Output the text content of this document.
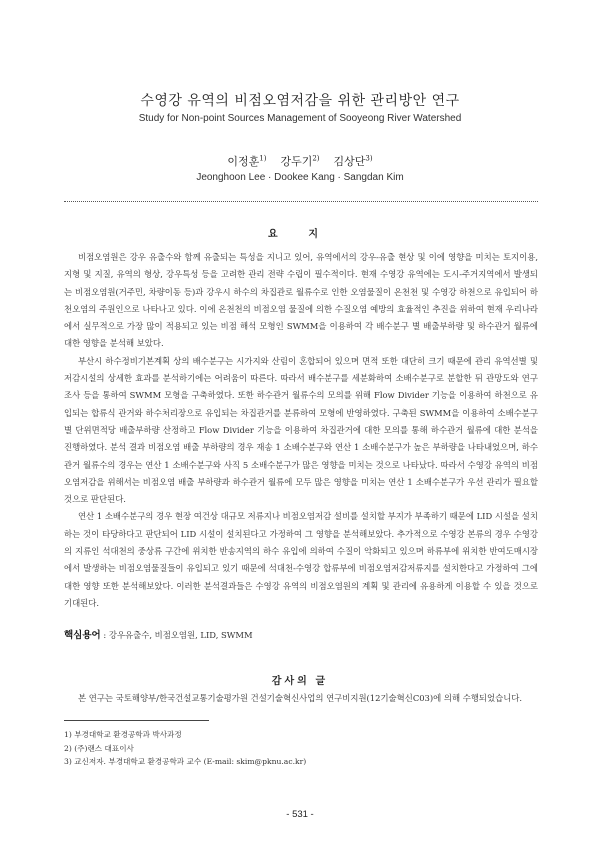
수영강 유역의 비점오염저감을 위한 관리방안 연구
Study for Non-point Sources Management of Sooyeong River Watershed
이정훈$^{1)}$ 강두기$^{2)}$ 김상단$^{3)}$
Jeonghoon Lee · Dookee Kang · Sangdan Kim
요 지

비점오염원은 강우 유출수와 함께 유출되는 특성을 지니고 있어, 유역에서의 강우-유출 현상 및 이에 영향을 미치는 토지이용, 지형 및 지질, 유역의 형상, 강우특성 등을 고려한 관리 전략 수립이 필수적이다. 현재 수영강 유역에는 도시-주거지역에서 발생되는 비점오염원(거주민, 차량이동 등)과 강우시 하수의 차집관로 월류수로 인한 오염물질이 온천천 및 수영강 하천으로 유입되어 하천오염의 주원인으로 나타나고 있다. 이에 온천천의 비점오염 물질에 의한 수질오염 예방의 효율적인 추진을 위하여 현재 우리나라에서 실무적으로 가장 많이 적용되고 있는 비점 해석 모형인 SWMM을 이용하여 각 배수분구 별 배출부하량 및 하수관거 월류에 대한 영향을 분석해 보았다.

부산시 하수정비기본계획 상의 배수분구는 시가지와 산림이 혼합되어 있으며 면적 또한 대단히 크기 때문에 관리 유역선별 및 저감시설의 상세한 효과를 분석하기에는 어려움이 따른다. 따라서 배수분구를 세분화하여 소배수분구로 분할한 뒤 관망도와 연구조사 등을 통하여 SWMM 모형을 구축하였다. 또한 하수관거 월류수의 모의를 위해 Flow Divider 기능을 이용하여 하천으로 유입되는 합류식 관거와 하수처리장으로 유입되는 차집관거를 분류하여 모형에 반영하였다. 구축된 SWMM을 이용하여 소배수분구별 단위면적당 배출부하량 산정하고 Flow Divider 기능을 이용하여 차집관거에 대한 모의를 통해 하수관거 월류에 대한 분석을 진행하였다. 분석 결과 비점오염 배출 부하량의 경우 재송 1 소배수분구와 연산 1 소배수분구가 높은 부하량을 나타내었으며, 하수관거 월류수의 경우는 연산 1 소배수분구와 사직 5 소배수분구가 많은 영향을 미치는 것으로 나타났다. 따라서 수영강 유역의 비점오염저감을 위해서는 비점오염 배출 부하량과 하수관거 월류에 모두 많은 영향을 미치는 연산 1 소배수분구가 우선 관리가 필요할 것으로 판단된다.

연산 1 소배수분구의 경우 현장 여건상 대규모 저류지나 비점오염저감 설비를 설치할 부지가 부족하기 때문에 LID 시설을 설치하는 것이 타당하다고 판단되어 LID 시설이 설치된다고 가정하여 그 영향을 분석해보았다. 추가적으로 수영강 본류의 경우 수영강의 지류인 석대천의 중상류 구간에 위치한 반송지역의 하수 유입에 의하여 수질이 악화되고 있으며 하류부에 위치한 반여도매시장에서 발생하는 비점오염물질들이 유입되고 있기 때문에 석대천-수영강 합류부에 비점오염저감저류지를 설치한다고 가정하여 그에 대한 영향 또한 분석해보았다. 이러한 분석결과들은 수영강 유역의 비점오염원의 계획 및 관리에 유용하게 이용할 수 있을 것으로 기대된다.

핵심용어 : 강우유출수, 비점오염원, LID, SWMM
감사의 글
본 연구는 국토해양부/한국건설교통기술평가원 건설기술혁신사업의 연구비지원(12기술혁신C03)에 의해 수행되었습니다.
1) 부경대학교 환경공학과 박사과정
2) (주)랜스 대표이사
3) 교신저자. 부경대학교 환경공학과 교수 (E-mail: skim@pknu.ac.kr)
- 531 -
